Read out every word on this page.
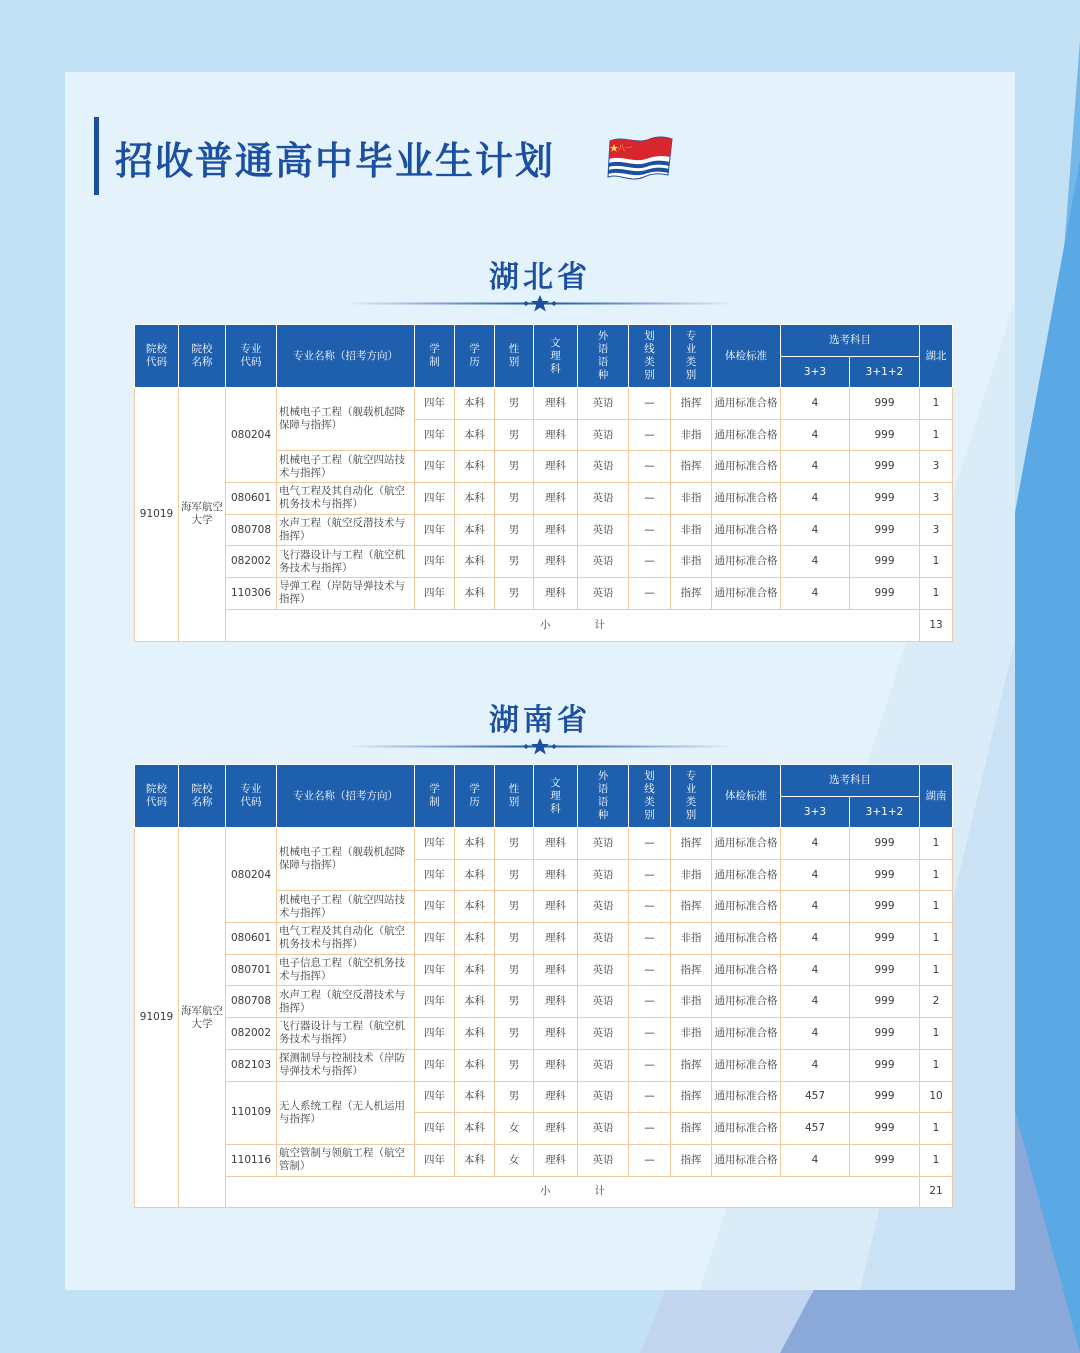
招收普通高中毕业生计划	八一
湖北省
院校代码	院校名称	专业代码	专业名称（招考方向）	学制	学历	性别	文理科	外语语种	划线类别	专业类别	体检标准	选考科目		湖北
												3+3	3+1+2	
91019	海军航空大学	080204	机械电子工程（舰载机起降保障与指挥）	四年	本科	男	理科	英语	—	指挥	通用标准合格	4	999	1
				四年	本科	男	理科	英语	—	非指	通用标准合格	4	999	1
			机械电子工程（航空四站技术与指挥）	四年	本科	男	理科	英语	—	指挥	通用标准合格	4	999	3
		080601	电气工程及其自动化（航空机务技术与指挥）	四年	本科	男	理科	英语	—	非指	通用标准合格	4	999	3
		080708	水声工程（航空反潜技术与指挥）	四年	本科	男	理科	英语	—	非指	通用标准合格	4	999	3
		082002	飞行器设计与工程（航空机务技术与指挥）	四年	本科	男	理科	英语	—	非指	通用标准合格	4	999	1
		110306	导弹工程（岸防导弹技术与指挥）	四年	本科	男	理科	英语	—	指挥	通用标准合格	4	999	1
		小 计												13
湖南省
院校代码	院校名称	专业代码	专业名称（招考方向）	学制	学历	性别	文理科	外语语种	划线类别	专业类别	体检标准	选考科目		湖南
												3+3	3+1+2	
91019	海军航空大学	080204	机械电子工程（舰载机起降保障与指挥）	四年	本科	男	理科	英语	—	指挥	通用标准合格	4	999	1
				四年	本科	男	理科	英语	—	非指	通用标准合格	4	999	1
			机械电子工程（航空四站技术与指挥）	四年	本科	男	理科	英语	—	指挥	通用标准合格	4	999	1
		080601	电气工程及其自动化（航空机务技术与指挥）	四年	本科	男	理科	英语	—	非指	通用标准合格	4	999	1
		080701	电子信息工程（航空机务技术与指挥）	四年	本科	男	理科	英语	—	指挥	通用标准合格	4	999	1
		080708	水声工程（航空反潜技术与指挥）	四年	本科	男	理科	英语	—	非指	通用标准合格	4	999	2
		082002	飞行器设计与工程（航空机务技术与指挥）	四年	本科	男	理科	英语	—	非指	通用标准合格	4	999	1
		082103	探测制导与控制技术（岸防导弹技术与指挥）	四年	本科	男	理科	英语	—	指挥	通用标准合格	4	999	1
		110109	无人系统工程（无人机运用与指挥）	四年	本科	男	理科	英语	—	指挥	通用标准合格	457	999	10
				四年	本科	女	理科	英语	—	指挥	通用标准合格	457	999	1
		110116	航空管制与领航工程（航空管制）	四年	本科	女	理科	英语	—	指挥	通用标准合格	4	999	1
		小 计												21
